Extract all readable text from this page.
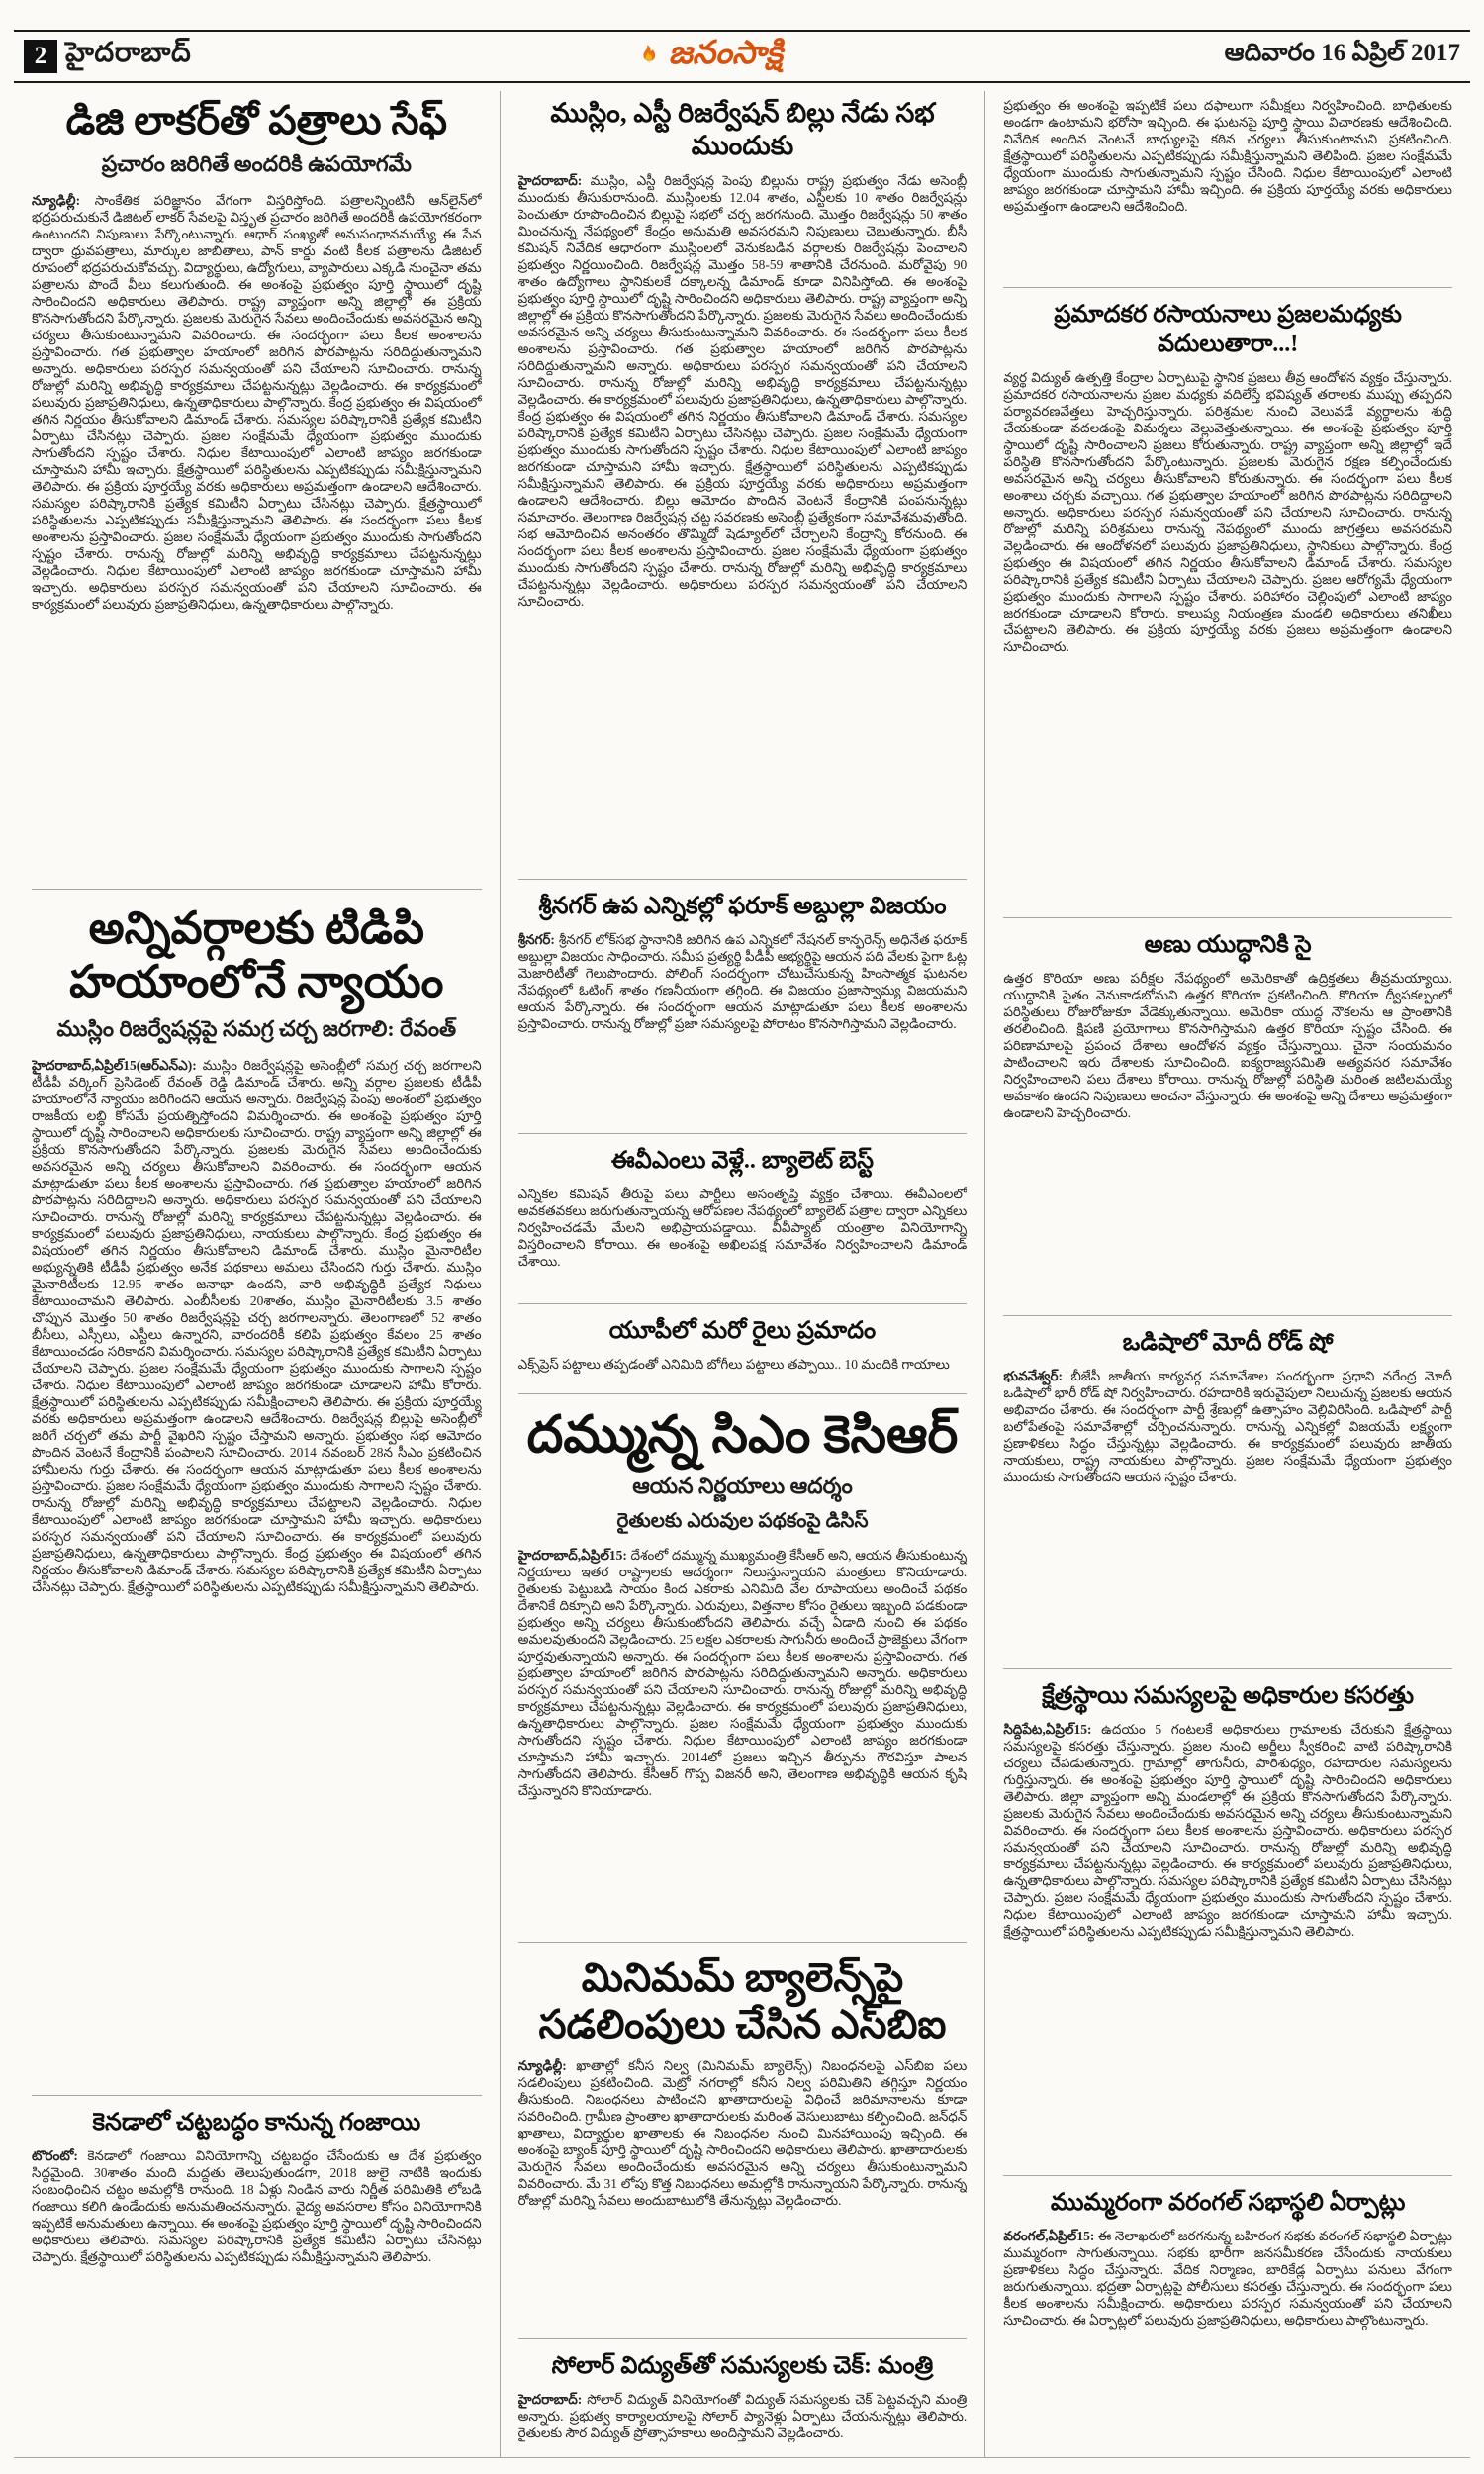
2 హైదరాబాద్	జనంసాక్షి	ఆదివారం 16 ఏప్రిల్ 2017
డిజి లాకర్‌తో పత్రాలు సేఫ్
ప్రచారం జరిగితే అందరికి ఉపయోగమే

న్యూఢిల్లీ: సాంకేతిక పరిజ్ఞానం వేగంగా విస్తరిస్తోంది. పత్రాలన్నింటినీ ఆన్‌లైన్‌లో భద్రపరుచుకునే డిజిటల్ లాకర్ సేవలపై విస్తృత ప్రచారం జరిగితే అందరికీ ఉపయోగకరంగా ఉంటుందని నిపుణులు పేర్కొంటున్నారు. ఆధార్ సంఖ్యతో అనుసంధానమయ్యే ఈ సేవ ద్వారా ధ్రువపత్రాలు, మార్కుల జాబితాలు, పాన్ కార్డు వంటి కీలక పత్రాలను డిజిటల్ రూపంలో భద్రపరుచుకోవచ్చు. విద్యార్థులు, ఉద్యోగులు, వ్యాపారులు ఎక్కడి నుంచైనా తమ పత్రాలను పొందే వీలు కలుగుతుంది. ఈ అంశంపై ప్రభుత్వం పూర్తి స్థాయిలో దృష్టి సారించిందని అధికారులు తెలిపారు. రాష్ట్ర వ్యాప్తంగా అన్ని జిల్లాల్లో ఈ ప్రక్రియ కొనసాగుతోందని పేర్కొన్నారు. ప్రజలకు మెరుగైన సేవలు అందించేందుకు అవసరమైన అన్ని చర్యలు తీసుకుంటున్నామని వివరించారు. ఈ సందర్భంగా పలు కీలక అంశాలను ప్రస్తావించారు. గత ప్రభుత్వాల హయాంలో జరిగిన పొరపాట్లను సరిదిద్దుతున్నామని అన్నారు. అధికారులు పరస్పర సమన్వయంతో పని చేయాలని సూచించారు. రానున్న రోజుల్లో మరిన్ని అభివృద్ధి కార్యక్రమాలు చేపట్టనున్నట్లు వెల్లడించారు. ఈ కార్యక్రమంలో పలువురు ప్రజాప్రతినిధులు, ఉన్నతాధికారులు పాల్గొన్నారు. కేంద్ర ప్రభుత్వం ఈ విషయంలో తగిన నిర్ణయం తీసుకోవాలని డిమాండ్ చేశారు. సమస్యల పరిష్కారానికి ప్రత్యేక కమిటీని ఏర్పాటు చేసినట్లు చెప్పారు. ప్రజల సంక్షేమమే ధ్యేయంగా ప్రభుత్వం ముందుకు సాగుతోందని స్పష్టం చేశారు. నిధుల కేటాయింపులో ఎలాంటి జాప్యం జరగకుండా చూస్తామని హామీ ఇచ్చారు. క్షేత్రస్థాయిలో పరిస్థితులను ఎప్పటికప్పుడు సమీక్షిస్తున్నామని తెలిపారు. ఈ ప్రక్రియ పూర్తయ్యే వరకు అధికారులు అప్రమత్తంగా ఉండాలని ఆదేశించారు. సమస్యల పరిష్కారానికి ప్రత్యేక కమిటీని ఏర్పాటు చేసినట్లు చెప్పారు. క్షేత్రస్థాయిలో పరిస్థితులను ఎప్పటికప్పుడు సమీక్షిస్తున్నామని తెలిపారు. ఈ సందర్భంగా పలు కీలక అంశాలను ప్రస్తావించారు. ప్రజల సంక్షేమమే ధ్యేయంగా ప్రభుత్వం ముందుకు సాగుతోందని స్పష్టం చేశారు. రానున్న రోజుల్లో మరిన్ని అభివృద్ధి కార్యక్రమాలు చేపట్టనున్నట్లు వెల్లడించారు. నిధుల కేటాయింపులో ఎలాంటి జాప్యం జరగకుండా చూస్తామని హామీ ఇచ్చారు. అధికారులు పరస్పర సమన్వయంతో పని చేయాలని సూచించారు. ఈ కార్యక్రమంలో పలువురు ప్రజాప్రతినిధులు, ఉన్నతాధికారులు పాల్గొన్నారు.

అన్నివర్గాలకు టిడిపి హయాంలోనే న్యాయం
ముస్లిం రిజర్వేషన్లపై సమగ్ర చర్చ జరగాలి: రేవంత్

హైదరాబాద్,ఏప్రిల్15(ఆర్‌ఎన్‌ఎ): ముస్లిం రిజర్వేషన్లపై అసెంబ్లీలో సమగ్ర చర్చ జరగాలని టీడీపీ వర్కింగ్ ప్రెసిడెంట్ రేవంత్ రెడ్డి డిమాండ్ చేశారు. అన్ని వర్గాల ప్రజలకు టీడీపీ హయాంలోనే న్యాయం జరిగిందని ఆయన అన్నారు. రిజర్వేషన్ల పెంపు అంశంలో ప్రభుత్వం రాజకీయ లబ్ధి కోసమే ప్రయత్నిస్తోందని విమర్శించారు. ఈ అంశంపై ప్రభుత్వం పూర్తి స్థాయిలో దృష్టి సారించాలని అధికారులకు సూచించారు. రాష్ట్ర వ్యాప్తంగా అన్ని జిల్లాల్లో ఈ ప్రక్రియ కొనసాగుతోందని పేర్కొన్నారు. ప్రజలకు మెరుగైన సేవలు అందించేందుకు అవసరమైన అన్ని చర్యలు తీసుకోవాలని వివరించారు. ఈ సందర్భంగా ఆయన మాట్లాడుతూ పలు కీలక అంశాలను ప్రస్తావించారు. గత ప్రభుత్వాల హయాంలో జరిగిన పొరపాట్లను సరిదిద్దాలని అన్నారు. అధికారులు పరస్పర సమన్వయంతో పని చేయాలని సూచించారు. రానున్న రోజుల్లో మరిన్ని కార్యక్రమాలు చేపట్టనున్నట్లు వెల్లడించారు. ఈ కార్యక్రమంలో పలువురు ప్రజాప్రతినిధులు, నాయకులు పాల్గొన్నారు. కేంద్ర ప్రభుత్వం ఈ విషయంలో తగిన నిర్ణయం తీసుకోవాలని డిమాండ్ చేశారు. ముస్లిం మైనారిటీల అభ్యున్నతికి టీడీపీ ప్రభుత్వం అనేక పథకాలు అమలు చేసిందని గుర్తు చేశారు. ముస్లిం మైనారిటీలకు 12.95 శాతం జనాభా ఉందని, వారి అభివృద్ధికి ప్రత్యేక నిధులు కేటాయించామని తెలిపారు. ఎంబీసీలకు 20శాతం, ముస్లిం మైనారిటీలకు 3.5 శాతం చొప్పున మొత్తం 50 శాతం రిజర్వేషన్లపై చర్చ జరగాలన్నారు. తెలంగాణలో 52 శాతం బీసీలు, ఎస్సీలు, ఎస్టీలు ఉన్నారని, వారందరికీ కలిపి ప్రభుత్వం కేవలం 25 శాతం కేటాయించడం సరికాదని విమర్శించారు. సమస్యల పరిష్కారానికి ప్రత్యేక కమిటీని ఏర్పాటు చేయాలని చెప్పారు. ప్రజల సంక్షేమమే ధ్యేయంగా ప్రభుత్వం ముందుకు సాగాలని స్పష్టం చేశారు. నిధుల కేటాయింపులో ఎలాంటి జాప్యం జరగకుండా చూడాలని హామీ కోరారు. క్షేత్రస్థాయిలో పరిస్థితులను ఎప్పటికప్పుడు సమీక్షించాలని తెలిపారు. ఈ ప్రక్రియ పూర్తయ్యే వరకు అధికారులు అప్రమత్తంగా ఉండాలని ఆదేశించారు. రిజర్వేషన్ల బిల్లుపై అసెంబ్లీలో జరిగే చర్చలో తమ పార్టీ వైఖరిని స్పష్టం చేస్తామని అన్నారు. ప్రభుత్వం సభ ఆమోదం పొందిన వెంటనే కేంద్రానికి పంపాలని సూచించారు. 2014 నవంబర్ 28న సీఎం ప్రకటించిన హామీలను గుర్తు చేశారు. ఈ సందర్భంగా ఆయన మాట్లాడుతూ పలు కీలక అంశాలను ప్రస్తావించారు. ప్రజల సంక్షేమమే ధ్యేయంగా ప్రభుత్వం ముందుకు సాగాలని స్పష్టం చేశారు. రానున్న రోజుల్లో మరిన్ని అభివృద్ధి కార్యక్రమాలు చేపట్టాలని వెల్లడించారు. నిధుల కేటాయింపులో ఎలాంటి జాప్యం జరగకుండా చూస్తామని హామీ ఇచ్చారు. అధికారులు పరస్పర సమన్వయంతో పని చేయాలని సూచించారు. ఈ కార్యక్రమంలో పలువురు ప్రజాప్రతినిధులు, ఉన్నతాధికారులు పాల్గొన్నారు. కేంద్ర ప్రభుత్వం ఈ విషయంలో తగిన నిర్ణయం తీసుకోవాలని డిమాండ్ చేశారు. సమస్యల పరిష్కారానికి ప్రత్యేక కమిటీని ఏర్పాటు చేసినట్లు చెప్పారు. క్షేత్రస్థాయిలో పరిస్థితులను ఎప్పటికప్పుడు సమీక్షిస్తున్నామని తెలిపారు.

కెనడాలో చట్టబద్ధం కానున్న గంజాయి

టొరంటో: కెనడాలో గంజాయి వినియోగాన్ని చట్టబద్ధం చేసేందుకు ఆ దేశ ప్రభుత్వం సిద్ధమైంది. 30శాతం మంది మద్దతు తెలుపుతుండగా, 2018 జులై నాటికి ఇందుకు సంబంధించిన చట్టం అమల్లోకి రానుంది. 18 ఏళ్లు నిండిన వారు నిర్ణీత పరిమితికి లోబడి గంజాయి కలిగి ఉండేందుకు అనుమతించనున్నారు. వైద్య అవసరాల కోసం వినియోగానికి ఇప్పటికే అనుమతులు ఉన్నాయి. ఈ అంశంపై ప్రభుత్వం పూర్తి స్థాయిలో దృష్టి సారించిందని అధికారులు తెలిపారు. సమస్యల పరిష్కారానికి ప్రత్యేక కమిటీని ఏర్పాటు చేసినట్లు చెప్పారు. క్షేత్రస్థాయిలో పరిస్థితులను ఎప్పటికప్పుడు సమీక్షిస్తున్నామని తెలిపారు.

ముస్లిం, ఎస్టీ రిజర్వేషన్ బిల్లు నేడు సభ ముందుకు

హైదరాబాద్: ముస్లిం, ఎస్టీ రిజర్వేషన్ల పెంపు బిల్లును రాష్ట్ర ప్రభుత్వం నేడు అసెంబ్లీ ముందుకు తీసుకురానుంది. ముస్లింలకు 12.04 శాతం, ఎస్టీలకు 10 శాతం రిజర్వేషన్లు పెంచుతూ రూపొందించిన బిల్లుపై సభలో చర్చ జరగనుంది. మొత్తం రిజర్వేషన్లు 50 శాతం మించనున్న నేపథ్యంలో కేంద్రం అనుమతి అవసరమని నిపుణులు చెబుతున్నారు. బీసీ కమిషన్ నివేదిక ఆధారంగా ముస్లింలలో వెనుకబడిన వర్గాలకు రిజర్వేషన్లు పెంచాలని ప్రభుత్వం నిర్ణయించింది. రిజర్వేషన్ల మొత్తం 58-59 శాతానికి చేరనుంది. మరోవైపు 90 శాతం ఉద్యోగాలు స్థానికులకే దక్కాలన్న డిమాండ్ కూడా వినిపిస్తోంది. ఈ అంశంపై ప్రభుత్వం పూర్తి స్థాయిలో దృష్టి సారించిందని అధికారులు తెలిపారు. రాష్ట్ర వ్యాప్తంగా అన్ని జిల్లాల్లో ఈ ప్రక్రియ కొనసాగుతోందని పేర్కొన్నారు. ప్రజలకు మెరుగైన సేవలు అందించేందుకు అవసరమైన అన్ని చర్యలు తీసుకుంటున్నామని వివరించారు. ఈ సందర్భంగా పలు కీలక అంశాలను ప్రస్తావించారు. గత ప్రభుత్వాల హయాంలో జరిగిన పొరపాట్లను సరిదిద్దుతున్నామని అన్నారు. అధికారులు పరస్పర సమన్వయంతో పని చేయాలని సూచించారు. రానున్న రోజుల్లో మరిన్ని అభివృద్ధి కార్యక్రమాలు చేపట్టనున్నట్లు వెల్లడించారు. ఈ కార్యక్రమంలో పలువురు ప్రజాప్రతినిధులు, ఉన్నతాధికారులు పాల్గొన్నారు. కేంద్ర ప్రభుత్వం ఈ విషయంలో తగిన నిర్ణయం తీసుకోవాలని డిమాండ్ చేశారు. సమస్యల పరిష్కారానికి ప్రత్యేక కమిటీని ఏర్పాటు చేసినట్లు చెప్పారు. ప్రజల సంక్షేమమే ధ్యేయంగా ప్రభుత్వం ముందుకు సాగుతోందని స్పష్టం చేశారు. నిధుల కేటాయింపులో ఎలాంటి జాప్యం జరగకుండా చూస్తామని హామీ ఇచ్చారు. క్షేత్రస్థాయిలో పరిస్థితులను ఎప్పటికప్పుడు సమీక్షిస్తున్నామని తెలిపారు. ఈ ప్రక్రియ పూర్తయ్యే వరకు అధికారులు అప్రమత్తంగా ఉండాలని ఆదేశించారు. బిల్లు ఆమోదం పొందిన వెంటనే కేంద్రానికి పంపనున్నట్లు సమాచారం. తెలంగాణ రిజర్వేషన్ల చట్ట సవరణకు అసెంబ్లీ ప్రత్యేకంగా సమావేశమవుతోంది. సభ ఆమోదించిన అనంతరం తొమ్మిదో షెడ్యూల్‌లో చేర్చాలని కేంద్రాన్ని కోరనుంది. ఈ సందర్భంగా పలు కీలక అంశాలను ప్రస్తావించారు. ప్రజల సంక్షేమమే ధ్యేయంగా ప్రభుత్వం ముందుకు సాగుతోందని స్పష్టం చేశారు. రానున్న రోజుల్లో మరిన్ని అభివృద్ధి కార్యక్రమాలు చేపట్టనున్నట్లు వెల్లడించారు. అధికారులు పరస్పర సమన్వయంతో పని చేయాలని సూచించారు.

శ్రీనగర్ ఉప ఎన్నికల్లో ఫరూక్ అబ్దుల్లా విజయం

శ్రీనగర్: శ్రీనగర్ లోక్‌సభ స్థానానికి జరిగిన ఉప ఎన్నికలో నేషనల్ కాన్ఫరెన్స్ అధినేత ఫరూక్ అబ్దుల్లా విజయం సాధించారు. సమీప ప్రత్యర్థి పీడీపీ అభ్యర్థిపై ఆయన పది వేలకు పైగా ఓట్ల మెజారిటీతో గెలుపొందారు. పోలింగ్ సందర్భంగా చోటుచేసుకున్న హింసాత్మక ఘటనల నేపథ్యంలో ఓటింగ్ శాతం గణనీయంగా తగ్గింది. ఈ విజయం ప్రజాస్వామ్య విజయమని ఆయన పేర్కొన్నారు. ఈ సందర్భంగా ఆయన మాట్లాడుతూ పలు కీలక అంశాలను ప్రస్తావించారు. రానున్న రోజుల్లో ప్రజా సమస్యలపై పోరాటం కొనసాగిస్తామని వెల్లడించారు.

ఈవీఎంలు వెళ్లే.. బ్యాలెట్ బెస్ట్

ఎన్నికల కమిషన్ తీరుపై పలు పార్టీలు అసంతృప్తి వ్యక్తం చేశాయి. ఈవీఎంలలో అవకతవకలు జరుగుతున్నాయన్న ఆరోపణల నేపథ్యంలో బ్యాలెట్ పత్రాల ద్వారా ఎన్నికలు నిర్వహించడమే మేలని అభిప్రాయపడ్డాయి. వీవీప్యాట్ యంత్రాల వినియోగాన్ని విస్తరించాలని కోరాయి. ఈ అంశంపై అఖిలపక్ష సమావేశం నిర్వహించాలని డిమాండ్ చేశాయి.

యూపీలో మరో రైలు ప్రమాదం

ఎక్స్‌ప్రెస్ పట్టాలు తప్పడంతో ఎనిమిది బోగీలు పట్టాలు తప్పాయి.. 10 మందికి గాయాలు

దమ్మున్న సిఎం కెసిఆర్
ఆయన నిర్ణయాలు ఆదర్శం
రైతులకు ఎరువుల పథకంపై డిసిస్

హైదరాబాద్,ఏప్రిల్15: దేశంలో దమ్మున్న ముఖ్యమంత్రి కేసీఆర్ అని, ఆయన తీసుకుంటున్న నిర్ణయాలు ఇతర రాష్ట్రాలకు ఆదర్శంగా నిలుస్తున్నాయని మంత్రులు కొనియాడారు. రైతులకు పెట్టుబడి సాయం కింద ఎకరాకు ఎనిమిది వేల రూపాయలు అందించే పథకం దేశానికే దిక్సూచి అని పేర్కొన్నారు. ఎరువులు, విత్తనాల కోసం రైతులు ఇబ్బంది పడకుండా ప్రభుత్వం అన్ని చర్యలు తీసుకుంటోందని తెలిపారు. వచ్చే ఏడాది నుంచి ఈ పథకం అమలవుతుందని వెల్లడించారు. 25 లక్షల ఎకరాలకు సాగునీరు అందించే ప్రాజెక్టులు వేగంగా పూర్తవుతున్నాయని అన్నారు. ఈ సందర్భంగా పలు కీలక అంశాలను ప్రస్తావించారు. గత ప్రభుత్వాల హయాంలో జరిగిన పొరపాట్లను సరిదిద్దుతున్నామని అన్నారు. అధికారులు పరస్పర సమన్వయంతో పని చేయాలని సూచించారు. రానున్న రోజుల్లో మరిన్ని అభివృద్ధి కార్యక్రమాలు చేపట్టనున్నట్లు వెల్లడించారు. ఈ కార్యక్రమంలో పలువురు ప్రజాప్రతినిధులు, ఉన్నతాధికారులు పాల్గొన్నారు. ప్రజల సంక్షేమమే ధ్యేయంగా ప్రభుత్వం ముందుకు సాగుతోందని స్పష్టం చేశారు. నిధుల కేటాయింపులో ఎలాంటి జాప్యం జరగకుండా చూస్తామని హామీ ఇచ్చారు. 2014లో ప్రజలు ఇచ్చిన తీర్పును గౌరవిస్తూ పాలన సాగుతోందని తెలిపారు. కేసీఆర్ గొప్ప విజనరీ అని, తెలంగాణ అభివృద్ధికి ఆయన కృషి చేస్తున్నారని కొనియాడారు.

మినిమమ్ బ్యాలెన్స్‌పై సడలింపులు చేసిన ఎస్‌బిఐ

న్యూఢిల్లీ: ఖాతాల్లో కనీస నిల్వ (మినిమమ్ బ్యాలెన్స్) నిబంధనలపై ఎస్‌బిఐ పలు సడలింపులు ప్రకటించింది. మెట్రో నగరాల్లో కనీస నిల్వ పరిమితిని తగ్గిస్తూ నిర్ణయం తీసుకుంది. నిబంధనలు పాటించని ఖాతాదారులపై విధించే జరిమానాలను కూడా సవరించింది. గ్రామీణ ప్రాంతాల ఖాతాదారులకు మరింత వెసులుబాటు కల్పించింది. జన్‌ధన్ ఖాతాలు, విద్యార్థుల ఖాతాలకు ఈ నిబంధనల నుంచి మినహాయింపు ఇచ్చింది. ఈ అంశంపై బ్యాంక్ పూర్తి స్థాయిలో దృష్టి సారించిందని అధికారులు తెలిపారు. ఖాతాదారులకు మెరుగైన సేవలు అందించేందుకు అవసరమైన అన్ని చర్యలు తీసుకుంటున్నామని వివరించారు. మే 31 లోపు కొత్త నిబంధనలు అమల్లోకి రానున్నాయని పేర్కొన్నారు. రానున్న రోజుల్లో మరిన్ని సేవలు అందుబాటులోకి తేనున్నట్లు వెల్లడించారు.

సోలార్ విద్యుత్‌తో సమస్యలకు చెక్: మంత్రి

హైదరాబాద్: సోలార్ విద్యుత్ వినియోగంతో విద్యుత్ సమస్యలకు చెక్ పెట్టవచ్చని మంత్రి అన్నారు. ప్రభుత్వ కార్యాలయాలపై సోలార్ ప్యానెళ్లు ఏర్పాటు చేయనున్నట్లు తెలిపారు. రైతులకు సౌర విద్యుత్ ప్రోత్సాహకాలు అందిస్తామని వెల్లడించారు.

ప్రభుత్వం ఈ అంశంపై ఇప్పటికే పలు దఫాలుగా సమీక్షలు నిర్వహించింది. బాధితులకు అండగా ఉంటామని భరోసా ఇచ్చింది. ఈ ఘటనపై పూర్తి స్థాయి విచారణకు ఆదేశించింది. నివేదిక అందిన వెంటనే బాధ్యులపై కఠిన చర్యలు తీసుకుంటామని ప్రకటించింది. క్షేత్రస్థాయిలో పరిస్థితులను ఎప్పటికప్పుడు సమీక్షిస్తున్నామని తెలిపింది. ప్రజల సంక్షేమమే ధ్యేయంగా ముందుకు సాగుతున్నామని స్పష్టం చేసింది. నిధుల కేటాయింపులో ఎలాంటి జాప్యం జరగకుండా చూస్తామని హామీ ఇచ్చింది. ఈ ప్రక్రియ పూర్తయ్యే వరకు అధికారులు అప్రమత్తంగా ఉండాలని ఆదేశించింది.

ప్రమాదకర రసాయనాలు ప్రజలమధ్యకు వదులుతారా...!

వ్యర్థ విద్యుత్ ఉత్పత్తి కేంద్రాల ఏర్పాటుపై స్థానిక ప్రజలు తీవ్ర ఆందోళన వ్యక్తం చేస్తున్నారు. ప్రమాదకర రసాయనాలను ప్రజల మధ్యకు వదిలేస్తే భవిష్యత్ తరాలకు ముప్పు తప్పదని పర్యావరణవేత్తలు హెచ్చరిస్తున్నారు. పరిశ్రమల నుంచి వెలువడే వ్యర్థాలను శుద్ధి చేయకుండా వదలడంపై విమర్శలు వెల్లువెత్తుతున్నాయి. ఈ అంశంపై ప్రభుత్వం పూర్తి స్థాయిలో దృష్టి సారించాలని ప్రజలు కోరుతున్నారు. రాష్ట్ర వ్యాప్తంగా అన్ని జిల్లాల్లో ఇదే పరిస్థితి కొనసాగుతోందని పేర్కొంటున్నారు. ప్రజలకు మెరుగైన రక్షణ కల్పించేందుకు అవసరమైన అన్ని చర్యలు తీసుకోవాలని కోరుతున్నారు. ఈ సందర్భంగా పలు కీలక అంశాలు చర్చకు వచ్చాయి. గత ప్రభుత్వాల హయాంలో జరిగిన పొరపాట్లను సరిదిద్దాలని అన్నారు. అధికారులు పరస్పర సమన్వయంతో పని చేయాలని సూచించారు. రానున్న రోజుల్లో మరిన్ని పరిశ్రమలు రానున్న నేపథ్యంలో ముందు జాగ్రత్తలు అవసరమని వెల్లడించారు. ఈ ఆందోళనలో పలువురు ప్రజాప్రతినిధులు, స్థానికులు పాల్గొన్నారు. కేంద్ర ప్రభుత్వం ఈ విషయంలో తగిన నిర్ణయం తీసుకోవాలని డిమాండ్ చేశారు. సమస్యల పరిష్కారానికి ప్రత్యేక కమిటీని ఏర్పాటు చేయాలని చెప్పారు. ప్రజల ఆరోగ్యమే ధ్యేయంగా ప్రభుత్వం ముందుకు సాగాలని స్పష్టం చేశారు. పరిహారం చెల్లింపులో ఎలాంటి జాప్యం జరగకుండా చూడాలని కోరారు. కాలుష్య నియంత్రణ మండలి అధికారులు తనిఖీలు చేపట్టాలని తెలిపారు. ఈ ప్రక్రియ పూర్తయ్యే వరకు ప్రజలు అప్రమత్తంగా ఉండాలని సూచించారు.

అణు యుద్ధానికి సై

ఉత్తర కొరియా అణు పరీక్షల నేపథ్యంలో అమెరికాతో ఉద్రిక్తతలు తీవ్రమయ్యాయి. యుద్ధానికి సైతం వెనుకాడబోమని ఉత్తర కొరియా ప్రకటించింది. కొరియా ద్వీపకల్పంలో పరిస్థితులు రోజురోజుకూ వేడెక్కుతున్నాయి. అమెరికా యుద్ధ నౌకలను ఆ ప్రాంతానికి తరలించింది. క్షిపణి ప్రయోగాలు కొనసాగిస్తామని ఉత్తర కొరియా స్పష్టం చేసింది. ఈ పరిణామాలపై ప్రపంచ దేశాలు ఆందోళన వ్యక్తం చేస్తున్నాయి. చైనా సంయమనం పాటించాలని ఇరు దేశాలకు సూచించింది. ఐక్యరాజ్యసమితి అత్యవసర సమావేశం నిర్వహించాలని పలు దేశాలు కోరాయి. రానున్న రోజుల్లో పరిస్థితి మరింత జటిలమయ్యే అవకాశం ఉందని నిపుణులు అంచనా వేస్తున్నారు. ఈ అంశంపై అన్ని దేశాలు అప్రమత్తంగా ఉండాలని హెచ్చరించారు.

ఒడిషాలో మోదీ రోడ్ షో

భువనేశ్వర్: బీజేపీ జాతీయ కార్యవర్గ సమావేశాల సందర్భంగా ప్రధాని నరేంద్ర మోదీ ఒడిషాలో భారీ రోడ్ షో నిర్వహించారు. రహదారికి ఇరువైపులా నిలుచున్న ప్రజలకు ఆయన అభివాదం చేశారు. ఈ సందర్భంగా పార్టీ శ్రేణుల్లో ఉత్సాహం వెల్లివిరిసింది. ఒడిషాలో పార్టీ బలోపేతంపై సమావేశాల్లో చర్చించనున్నారు. రానున్న ఎన్నికల్లో విజయమే లక్ష్యంగా ప్రణాళికలు సిద్ధం చేస్తున్నట్లు వెల్లడించారు. ఈ కార్యక్రమంలో పలువురు జాతీయ నాయకులు, రాష్ట్ర నాయకులు పాల్గొన్నారు. ప్రజల సంక్షేమమే ధ్యేయంగా ప్రభుత్వం ముందుకు సాగుతోందని ఆయన స్పష్టం చేశారు.

క్షేత్రస్థాయి సమస్యలపై అధికారుల కసరత్తు

సిద్దిపేట,ఏప్రిల్15: ఉదయం 5 గంటలకే అధికారులు గ్రామాలకు చేరుకుని క్షేత్రస్థాయి సమస్యలపై కసరత్తు చేస్తున్నారు. ప్రజల నుంచి అర్జీలు స్వీకరించి వాటి పరిష్కారానికి చర్యలు చేపడుతున్నారు. గ్రామాల్లో తాగునీరు, పారిశుధ్యం, రహదారుల సమస్యలను గుర్తిస్తున్నారు. ఈ అంశంపై ప్రభుత్వం పూర్తి స్థాయిలో దృష్టి సారించిందని అధికారులు తెలిపారు. జిల్లా వ్యాప్తంగా అన్ని మండలాల్లో ఈ ప్రక్రియ కొనసాగుతోందని పేర్కొన్నారు. ప్రజలకు మెరుగైన సేవలు అందించేందుకు అవసరమైన అన్ని చర్యలు తీసుకుంటున్నామని వివరించారు. ఈ సందర్భంగా పలు కీలక అంశాలను ప్రస్తావించారు. అధికారులు పరస్పర సమన్వయంతో పని చేయాలని సూచించారు. రానున్న రోజుల్లో మరిన్ని అభివృద్ధి కార్యక్రమాలు చేపట్టనున్నట్లు వెల్లడించారు. ఈ కార్యక్రమంలో పలువురు ప్రజాప్రతినిధులు, ఉన్నతాధికారులు పాల్గొన్నారు. సమస్యల పరిష్కారానికి ప్రత్యేక కమిటీని ఏర్పాటు చేసినట్లు చెప్పారు. ప్రజల సంక్షేమమే ధ్యేయంగా ప్రభుత్వం ముందుకు సాగుతోందని స్పష్టం చేశారు. నిధుల కేటాయింపులో ఎలాంటి జాప్యం జరగకుండా చూస్తామని హామీ ఇచ్చారు. క్షేత్రస్థాయిలో పరిస్థితులను ఎప్పటికప్పుడు సమీక్షిస్తున్నామని తెలిపారు.

ముమ్మరంగా వరంగల్ సభాస్థలి ఏర్పాట్లు

వరంగల్,ఏప్రిల్15: ఈ నెలాఖరులో జరగనున్న బహిరంగ సభకు వరంగల్ సభాస్థలి ఏర్పాట్లు ముమ్మరంగా సాగుతున్నాయి. సభకు భారీగా జనసమీకరణ చేసేందుకు నాయకులు ప్రణాళికలు సిద్ధం చేస్తున్నారు. వేదిక నిర్మాణం, బారికేడ్ల ఏర్పాటు పనులు వేగంగా జరుగుతున్నాయి. భద్రతా ఏర్పాట్లపై పోలీసులు కసరత్తు చేస్తున్నారు. ఈ సందర్భంగా పలు కీలక అంశాలను సమీక్షించారు. అధికారులు పరస్పర సమన్వయంతో పని చేయాలని సూచించారు. ఈ ఏర్పాట్లలో పలువురు ప్రజాప్రతినిధులు, అధికారులు పాల్గొంటున్నారు.
